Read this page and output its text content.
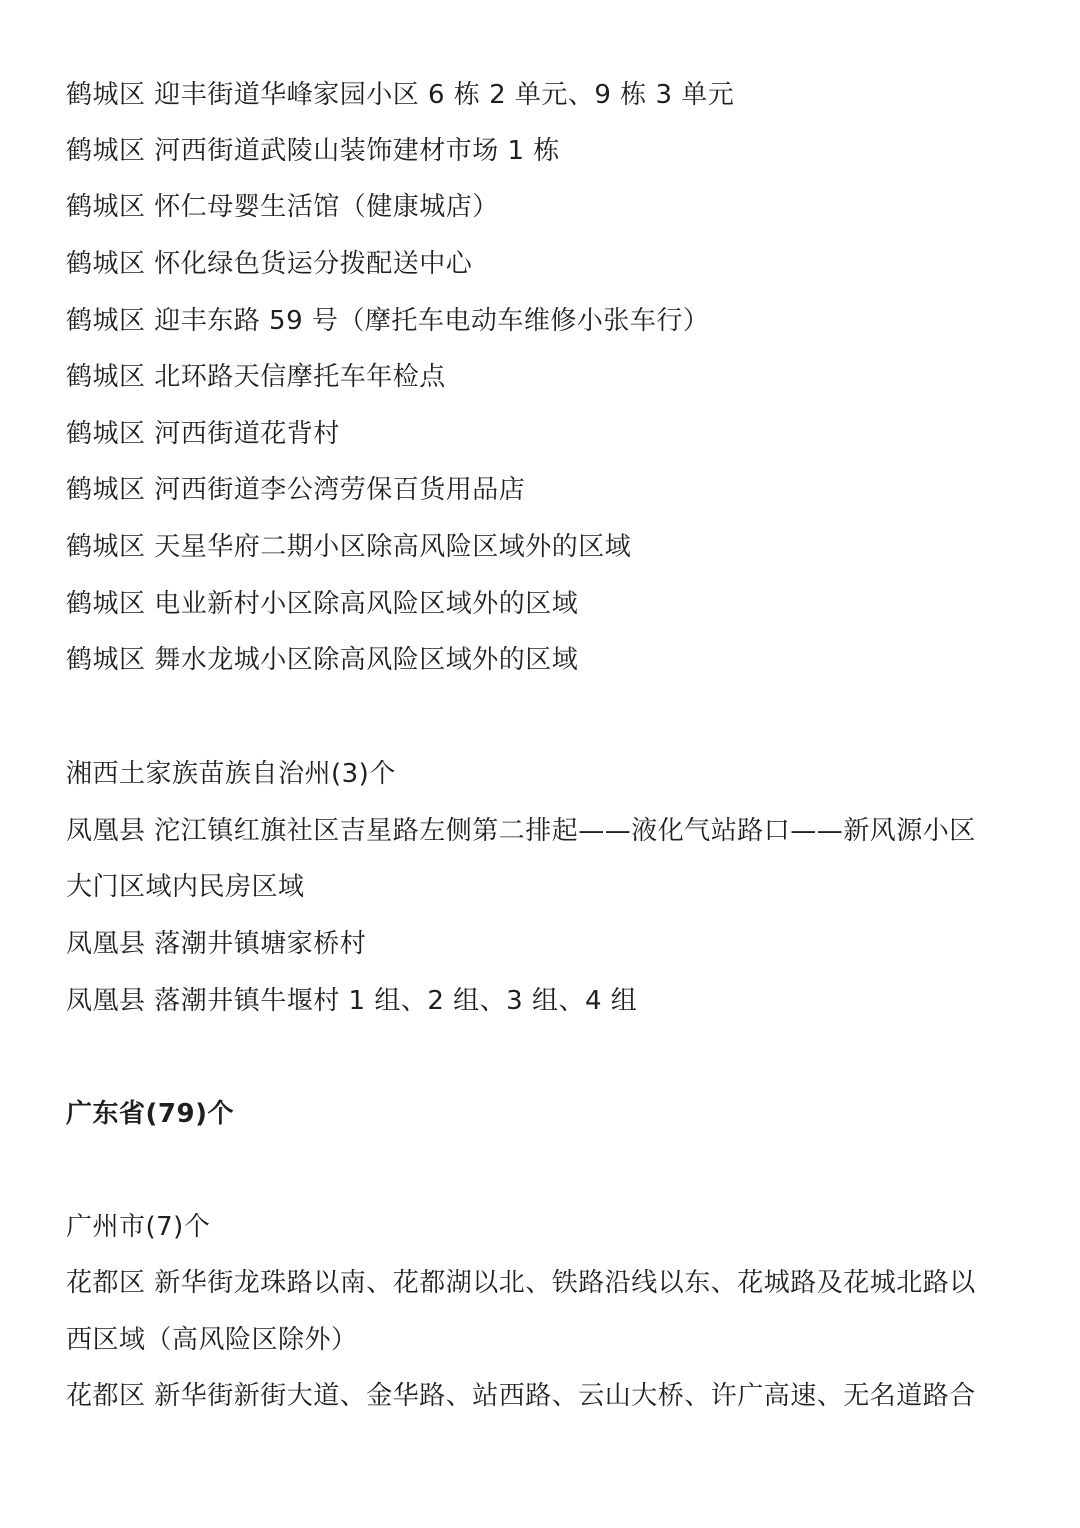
鹤城区 迎丰街道华峰家园小区 6 栋 2 单元、9 栋 3 单元
鹤城区 河西街道武陵山装饰建材市场 1 栋
鹤城区 怀仁母婴生活馆（健康城店）
鹤城区 怀化绿色货运分拨配送中心
鹤城区 迎丰东路 59 号（摩托车电动车维修小张车行）
鹤城区 北环路天信摩托车年检点
鹤城区 河西街道花背村
鹤城区 河西街道李公湾劳保百货用品店
鹤城区 天星华府二期小区除高风险区域外的区域
鹤城区 电业新村小区除高风险区域外的区域
鹤城区 舞水龙城小区除高风险区域外的区域
湘西土家族苗族自治州(3)个
凤凰县 沱江镇红旗社区吉星路左侧第二排起——液化气站路口——新风源小区
大门区域内民房区域
凤凰县 落潮井镇塘家桥村
凤凰县 落潮井镇牛堰村 1 组、2 组、3 组、4 组
广东省(79)个
广州市(7)个
花都区 新华街龙珠路以南、花都湖以北、铁路沿线以东、花城路及花城北路以
西区域（高风险区除外）
花都区 新华街新街大道、金华路、站西路、云山大桥、许广高速、无名道路合
